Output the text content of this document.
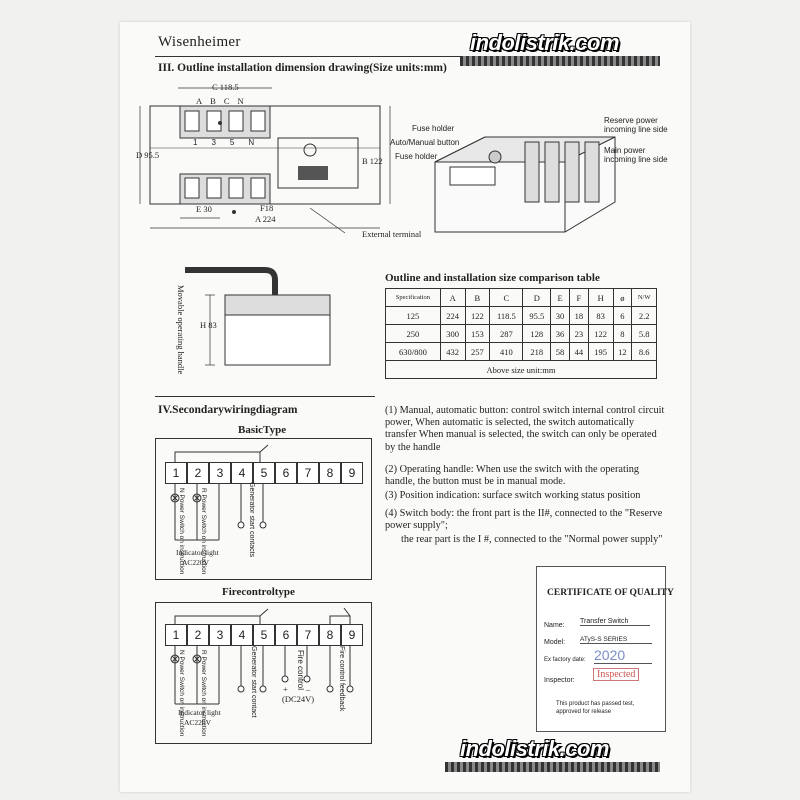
Wisenheimer	indolistrik.com
III. Outline installation dimension drawing(Size units:mm)
C 118.5
ABCN
135N
D 95.5
B 122
E 30	F18
A 224
External terminal
Fuse holder
Auto/Manual button
Fuse holder
Reserve power incoming line side
Main power incoming line side
H 83
Movable operating handle
Outline and installation size comparison table
Specification	A	B	C	D	E	F	H	ø	N/W
125	224	122	118.5	95.5	30	18	83	6	2.2
250	300	153	287	128	36	23	122	8	5.8
630/800	432	257	410	218	58	44	195	12	8.6
Above size unit:mm									
IV.Secondarywiringdiagram
BasicType
1	2	3	4	5	6	7	8	9
N Power Switch on instruction R Power Switch on instruction	Generator start contacts
Indicator light
AC220V
Firecontroltype
1	2	3	4	5	6	7	8	9
N Power Switch on instruction R Power Switch on instruction	Generator start contact	Fire control
+ –
(DC24V)	Fire control feedback
Indicator light
AC220V
(1) Manual, automatic button: control switch internal control circuit power, When automatic is selected, the switch automatically transfer When manual is selected, the switch can only be operated by the handle
(2) Operating handle: When use the switch with the operating handle, the button must be in manual mode.
(3) Position indication: surface switch working status position
(4) Switch body: the front part is the II#, connected to the "Reserve power supply";
the rear part is the I #, connected to the "Normal power supply"
CERTIFICATE OF QUALITY
Name:
Transfer Switch
Model: ATyS-S SERIES
Ex factory date: 2020
Inspector:
Inspected
This product has passed test, approved for release
indolistrik.com
